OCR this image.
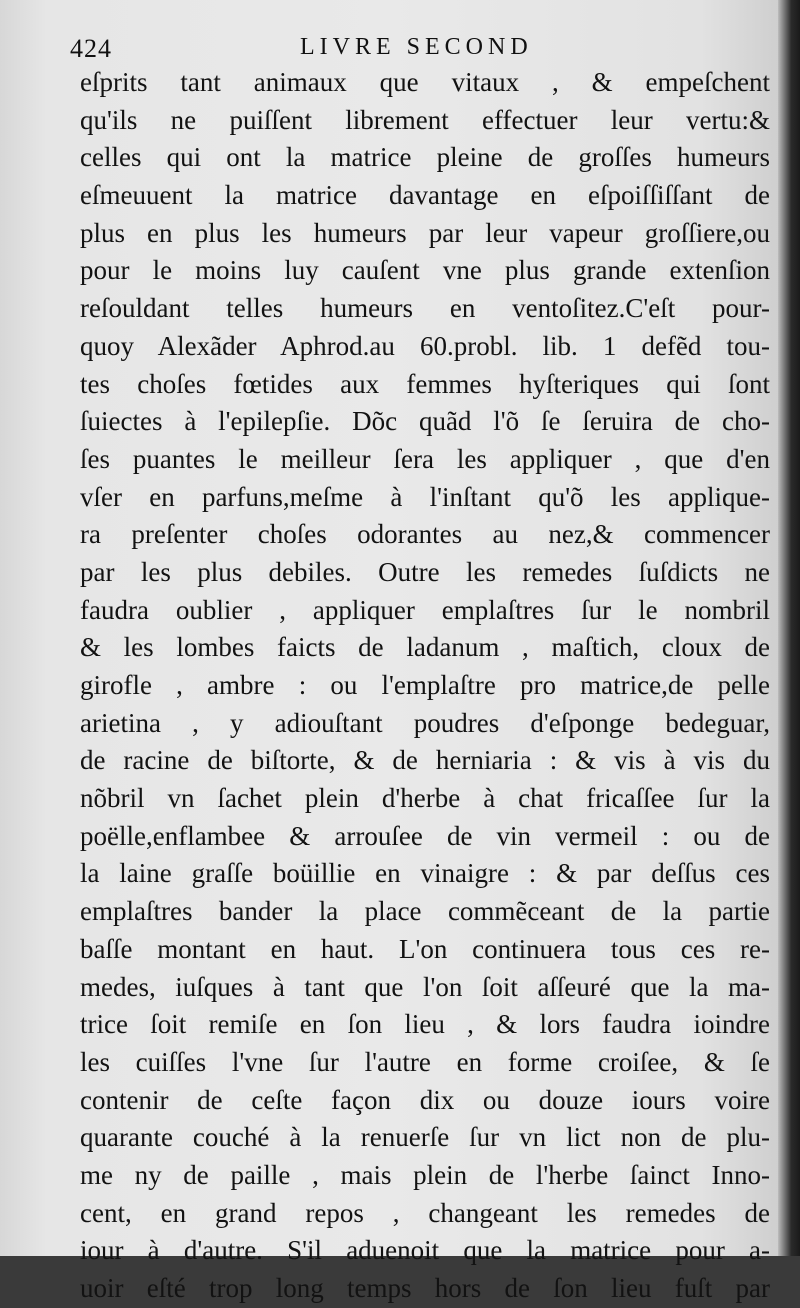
424	LIVRE SECOND
eſprits tant animaux que vitaux , & empeſchent
qu'ils ne puiſſent librement effectuer leur vertu:&
celles qui ont la matrice pleine de groſſes humeurs
eſmeuuent la matrice davantage en eſpoiſſiſſant de
plus en plus les humeurs par leur vapeur groſſiere,ou
pour le moins luy cauſent vne plus grande extenſion
reſouldant telles humeurs en ventoſitez.C'eſt pour-
quoy Alexãder Aphrod.au 60.probl. lib. 1 defẽd tou-
tes choſes fœtides aux femmes hyſteriques qui ſont
ſuiectes à l'epilepſie. Dõc quãd l'õ ſe ſeruira de cho-
ſes puantes le meilleur ſera les appliquer , que d'en
vſer en parfuns,meſme à l'inſtant qu'õ les applique-
ra preſenter choſes odorantes au nez,& commencer
par les plus debiles. Outre les remedes ſuſdicts ne
faudra oublier , appliquer emplaſtres ſur le nombril
& les lombes faicts de ladanum , maſtich, cloux de
girofle , ambre : ou l'emplaſtre pro matrice,de pelle
arietina , y adiouſtant poudres d'eſponge bedeguar,
de racine de biſtorte, & de herniaria : & vis à vis du
nõbril vn ſachet plein d'herbe à chat fricaſſee ſur la
poëlle,enflambee & arrouſee de vin vermeil : ou de
la laine graſſe boüillie en vinaigre : & par deſſus ces
emplaſtres bander la place commẽceant de la partie
baſſe montant en haut. L'on continuera tous ces re-
medes, iuſques à tant que l'on ſoit aſſeuré que la ma-
trice ſoit remiſe en ſon lieu , & lors faudra ioindre
les cuiſſes l'vne ſur l'autre en forme croiſee, & ſe
contenir de ceſte façon dix ou douze iours voire
quarante couché à la renuerſe ſur vn lict non de plu-
me ny de paille , mais plein de l'herbe ſainct Inno-
cent, en grand repos , changeant les remedes de
iour à d'autre. S'il aduenoit que la matrice pour a-
uoir eſté trop long temps hors de ſon lieu fuſt par
